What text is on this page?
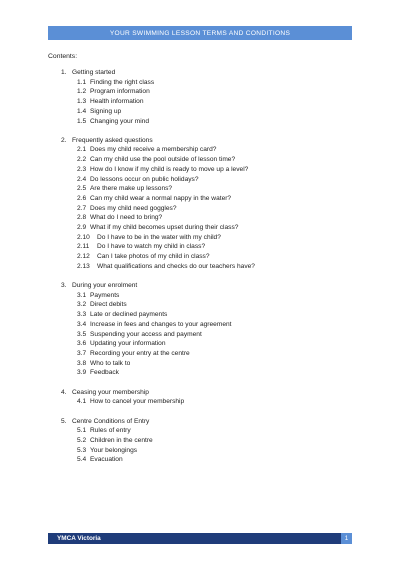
YOUR SWIMMING LESSON TERMS AND CONDITIONS
Contents:
1. Getting started
1.1 Finding the right class
1.2 Program information
1.3 Health information
1.4 Signing up
1.5 Changing your mind
2. Frequently asked questions
2.1 Does my child receive a membership card?
2.2 Can my child use the pool outside of lesson time?
2.3 How do I know if my child is ready to move up a level?
2.4 Do lessons occur on public holidays?
2.5 Are there make up lessons?
2.6 Can my child wear a normal nappy in the water?
2.7 Does my child need goggles?
2.8 What do I need to bring?
2.9 What if my child becomes upset during their class?
2.10 Do I have to be in the water with my child?
2.11 Do I have to watch my child in class?
2.12 Can I take photos of my child in class?
2.13 What qualifications and checks do our teachers have?
3. During your enrolment
3.1 Payments
3.2 Direct debits
3.3 Late or declined payments
3.4 Increase in fees and changes to your agreement
3.5 Suspending your access and payment
3.6 Updating your information
3.7 Recording your entry at the centre
3.8 Who to talk to
3.9 Feedback
4. Ceasing your membership
4.1 How to cancel your membership
5. Centre Conditions of Entry
5.1 Rules of entry
5.2 Children in the centre
5.3 Your belongings
5.4 Evacuation
YMCA Victoria	1
